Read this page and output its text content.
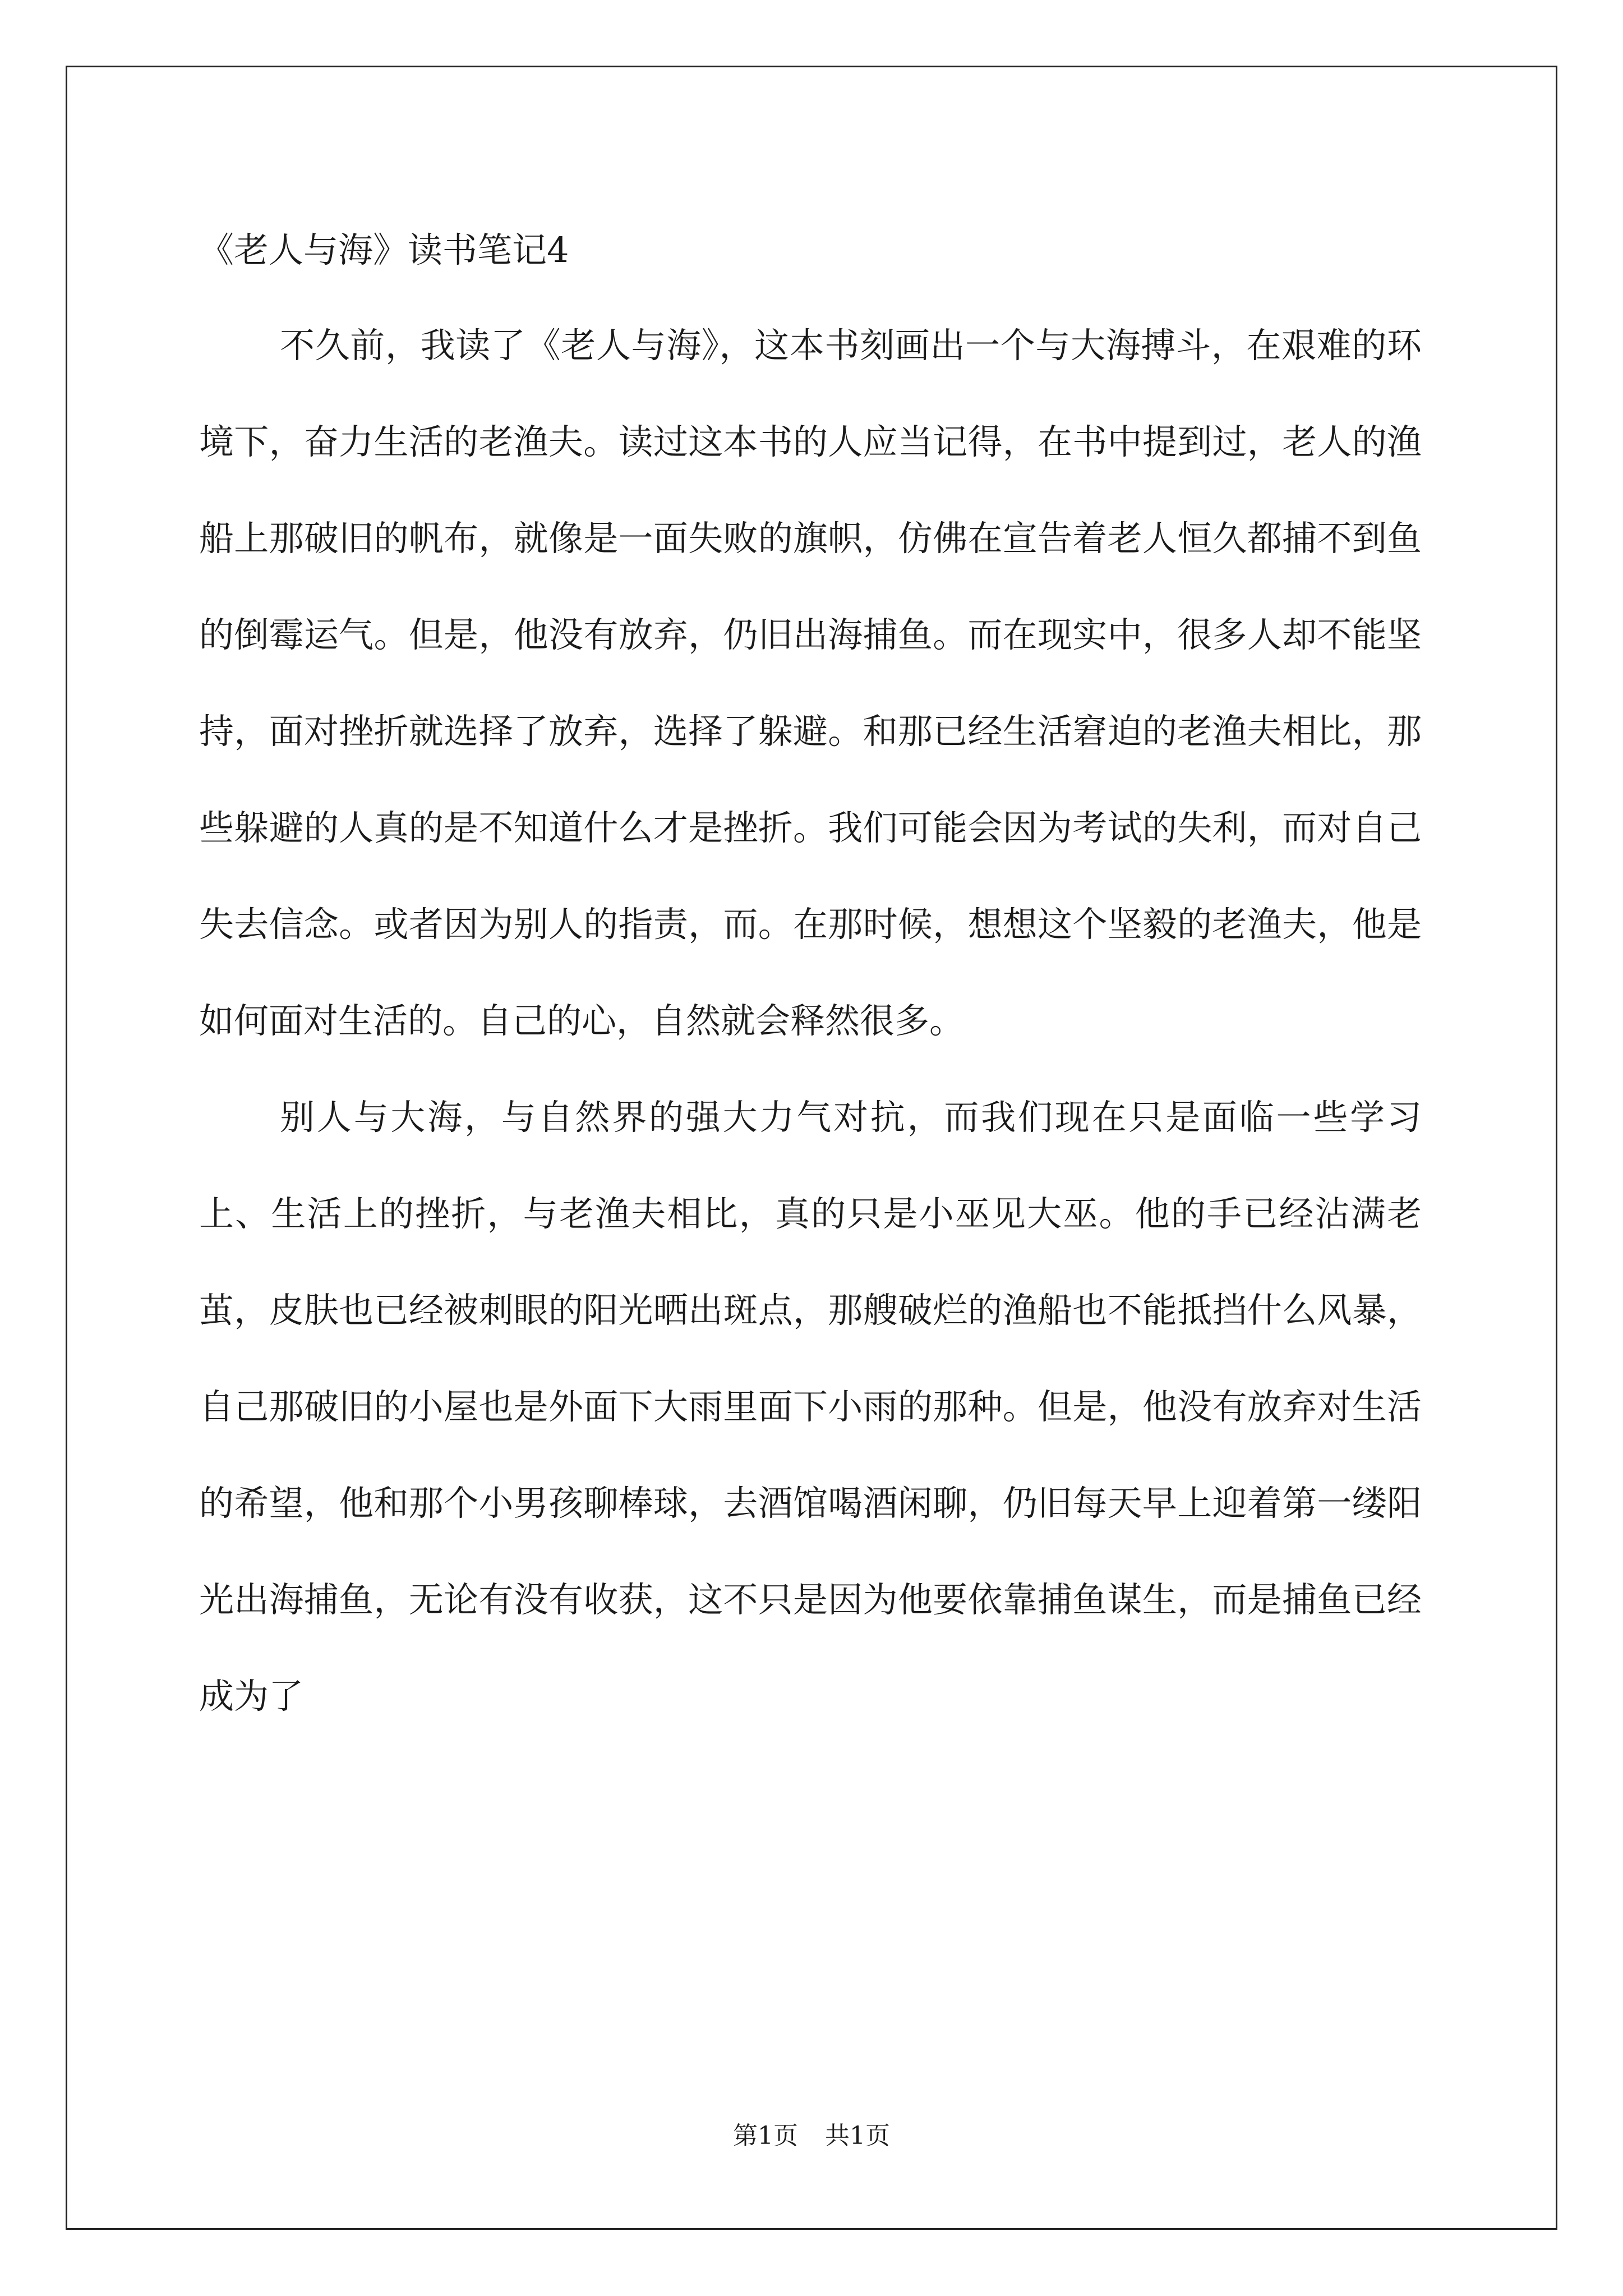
《老人与海》读书笔记4

不久前，我读了《老人与海》，这本书刻画出一个与大海搏斗，在艰难的环境下，奋力生活的老渔夫。读过这本书的人应当记得，在书中提到过，老人的渔船上那破旧的帆布，就像是一面失败的旗帜，仿佛在宣告着老人恒久都捕不到鱼的倒霉运气。但是，他没有放弃，仍旧出海捕鱼。而在现实中，很多人却不能坚持，面对挫折就选择了放弃，选择了躲避。和那已经生活窘迫的老渔夫相比，那些躲避的人真的是不知道什么才是挫折。我们可能会因为考试的失利，而对自己失去信念。或者因为别人的指责，而。在那时候，想想这个坚毅的老渔夫，他是如何面对生活的。自己的心，自然就会释然很多。

别人与大海，与自然界的强大力气对抗，而我们现在只是面临一些学习上、生活上的挫折，与老渔夫相比，真的只是小巫见大巫。他的手已经沾满老茧，皮肤也已经被刺眼的阳光晒出斑点，那艘破烂的渔船也不能抵挡什么风暴，自己那破旧的小屋也是外面下大雨里面下小雨的那种。但是，他没有放弃对生活的希望，他和那个小男孩聊棒球，去酒馆喝酒闲聊，仍旧每天早上迎着第一缕阳光出海捕鱼，无论有没有收获，这不只是因为他要依靠捕鱼谋生，而是捕鱼已经成为了

第1页 共1页
